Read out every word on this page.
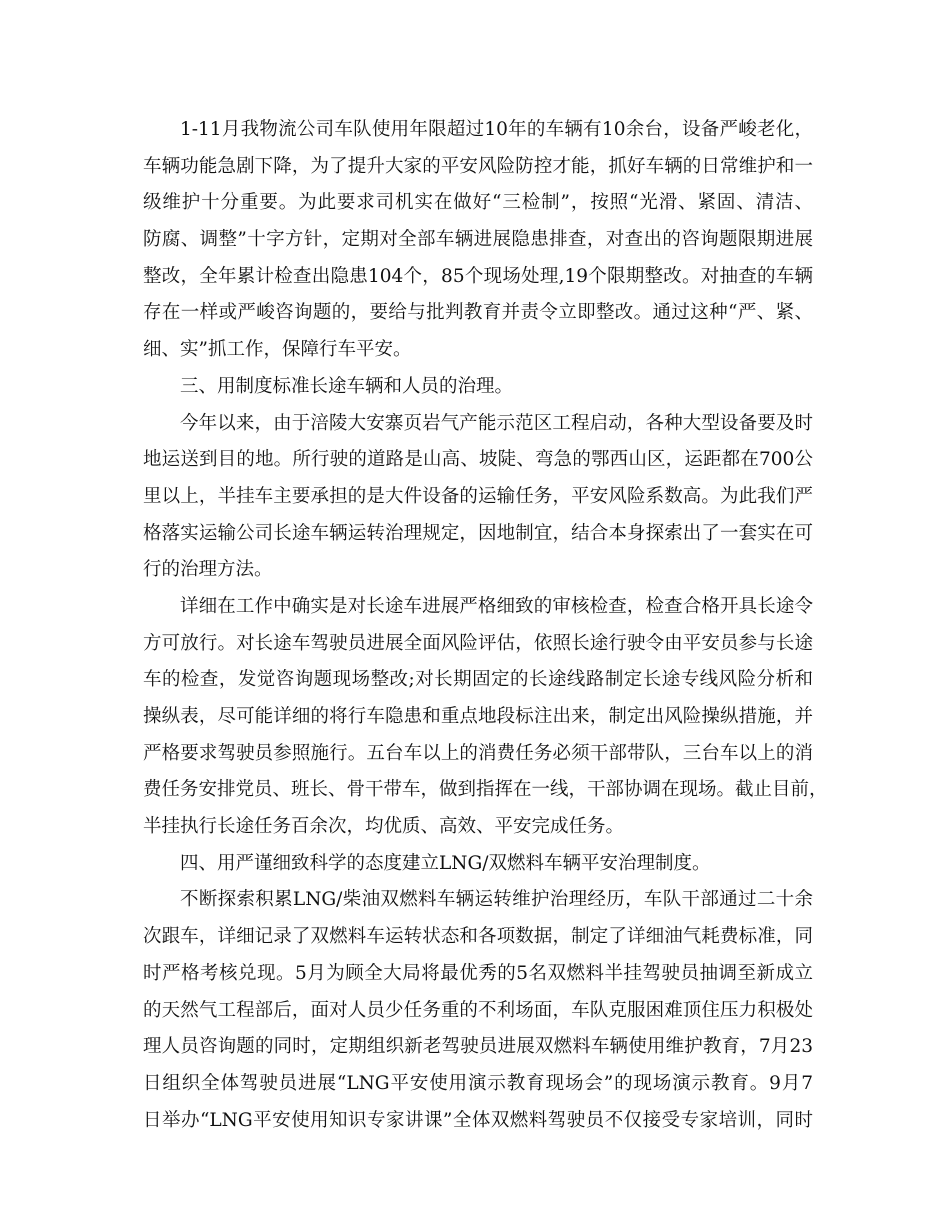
1-11月我物流公司车队使用年限超过10年的车辆有10余台，设备严峻老化，
车辆功能急剧下降，为了提升大家的平安风险防控才能，抓好车辆的日常维护和一
级维护十分重要。为此要求司机实在做好“三检制”，按照“光滑、紧固、清洁、
防腐、调整”十字方针，定期对全部车辆进展隐患排查，对查出的咨询题限期进展
整改，全年累计检查出隐患104个，85个现场处理,19个限期整改。对抽查的车辆
存在一样或严峻咨询题的，要给与批判教育并责令立即整改。通过这种“严、紧、
细、实”抓工作，保障行车平安。
三、用制度标准长途车辆和人员的治理。
今年以来，由于涪陵大安寨页岩气产能示范区工程启动，各种大型设备要及时
地运送到目的地。所行驶的道路是山高、坡陡、弯急的鄂西山区，运距都在700公
里以上，半挂车主要承担的是大件设备的运输任务，平安风险系数高。为此我们严
格落实运输公司长途车辆运转治理规定，因地制宜，结合本身探索出了一套实在可
行的治理方法。
详细在工作中确实是对长途车进展严格细致的审核检查，检查合格开具长途令
方可放行。对长途车驾驶员进展全面风险评估，依照长途行驶令由平安员参与长途
车的检查，发觉咨询题现场整改;对长期固定的长途线路制定长途专线风险分析和
操纵表，尽可能详细的将行车隐患和重点地段标注出来，制定出风险操纵措施，并
严格要求驾驶员参照施行。五台车以上的消费任务必须干部带队，三台车以上的消
费任务安排党员、班长、骨干带车，做到指挥在一线，干部协调在现场。截止目前，
半挂执行长途任务百余次，均优质、高效、平安完成任务。
四、用严谨细致科学的态度建立LNG/双燃料车辆平安治理制度。
不断探索积累LNG/柴油双燃料车辆运转维护治理经历，车队干部通过二十余
次跟车，详细记录了双燃料车运转状态和各项数据，制定了详细油气耗费标准，同
时严格考核兑现。5月为顾全大局将最优秀的5名双燃料半挂驾驶员抽调至新成立
的天然气工程部后，面对人员少任务重的不利场面，车队克服困难顶住压力积极处
理人员咨询题的同时，定期组织新老驾驶员进展双燃料车辆使用维护教育，7月23
日组织全体驾驶员进展“LNG平安使用演示教育现场会”的现场演示教育。9月7
日举办“LNG平安使用知识专家讲课”全体双燃料驾驶员不仅接受专家培训，同时
